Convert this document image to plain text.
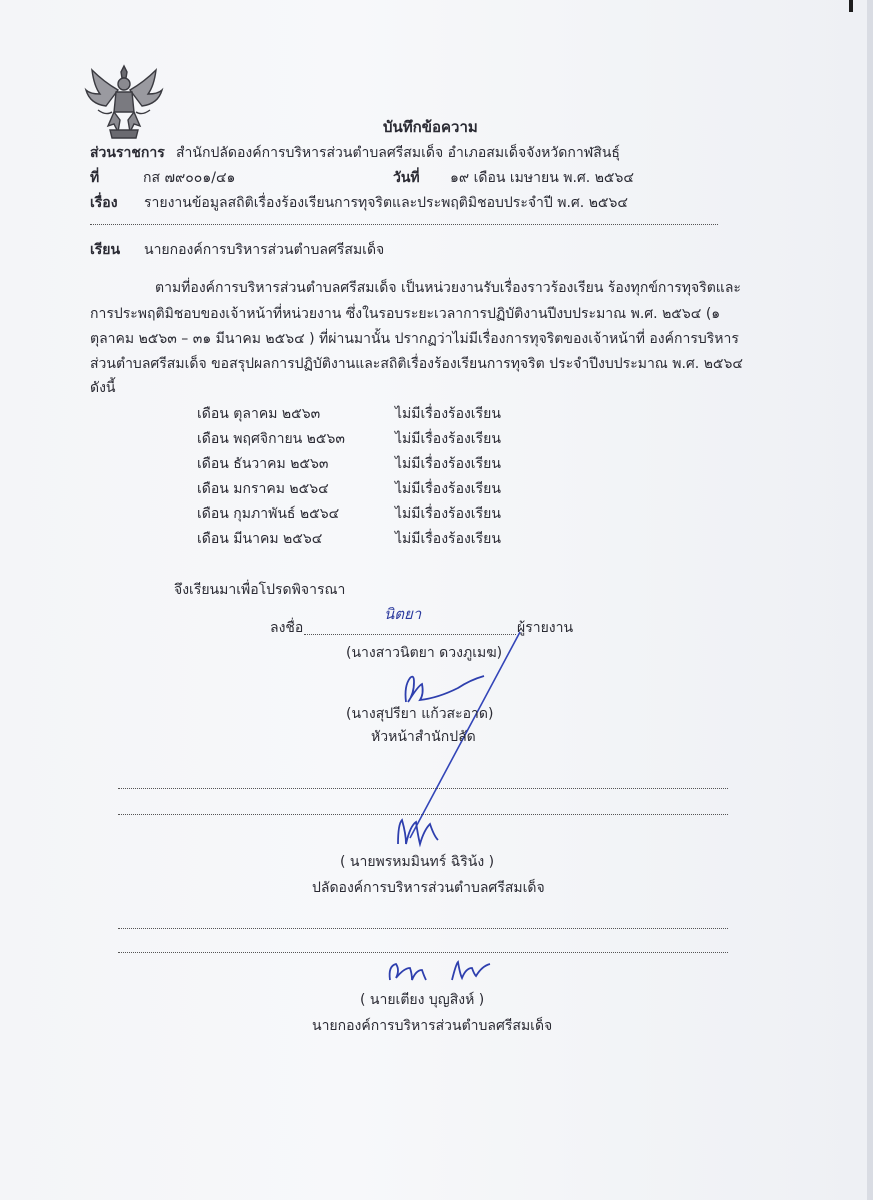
บันทึกข้อความ
ส่วนราชการ สำนักปลัดองค์การบริหารส่วนตำบลศรีสมเด็จ อำเภอสมเด็จจังหวัดกาฬสินธุ์
ที่	กส ๗๙๐๐๑/๔๑	วันที่ ๑๙ เดือน เมษายน พ.ศ. ๒๕๖๔
เรื่อง รายงานข้อมูลสถิติเรื่องร้องเรียนการทุจริตและประพฤติมิชอบประจำปี พ.ศ. ๒๕๖๔
เรียน นายกองค์การบริหารส่วนตำบลศรีสมเด็จ
ตามที่องค์การบริหารส่วนตำบลศรีสมเด็จ เป็นหน่วยงานรับเรื่องราวร้องเรียน ร้องทุกข์การทุจริตและ
การประพฤติมิชอบของเจ้าหน้าที่หน่วยงาน ซึ่งในรอบระยะเวลาการปฏิบัติงานปีงบประมาณ พ.ศ. ๒๕๖๔ (๑
ตุลาคม ๒๕๖๓ – ๓๑ มีนาคม ๒๕๖๔ ) ที่ผ่านมานั้น ปรากฏว่าไม่มีเรื่องการทุจริตของเจ้าหน้าที่ องค์การบริหาร
ส่วนตำบลศรีสมเด็จ ขอสรุปผลการปฏิบัติงานและสถิติเรื่องร้องเรียนการทุจริต ประจำปีงบประมาณ พ.ศ. ๒๕๖๔
ดังนี้
เดือน ตุลาคม ๒๕๖๓	ไม่มีเรื่องร้องเรียน
เดือน พฤศจิกายน ๒๕๖๓	ไม่มีเรื่องร้องเรียน
เดือน ธันวาคม ๒๕๖๓	ไม่มีเรื่องร้องเรียน
เดือน มกราคม ๒๕๖๔	ไม่มีเรื่องร้องเรียน
เดือน กุมภาพันธ์ ๒๕๖๔	ไม่มีเรื่องร้องเรียน
เดือน มีนาคม ๒๕๖๔	ไม่มีเรื่องร้องเรียน
จึงเรียนมาเพื่อโปรดพิจารณา
ลงชื่อ
นิตยา
ผู้รายงาน
(นางสาวนิตยา ดวงภูเมฆ)
(นางสุปรียา แก้วสะอาด)
หัวหน้าสำนักปลัด
( นายพรหมมินทร์ ฉิริน้ง )
ปลัดองค์การบริหารส่วนตำบลศรีสมเด็จ
( นายเตียง บุญสิงห์ )
นายกองค์การบริหารส่วนตำบลศรีสมเด็จ
